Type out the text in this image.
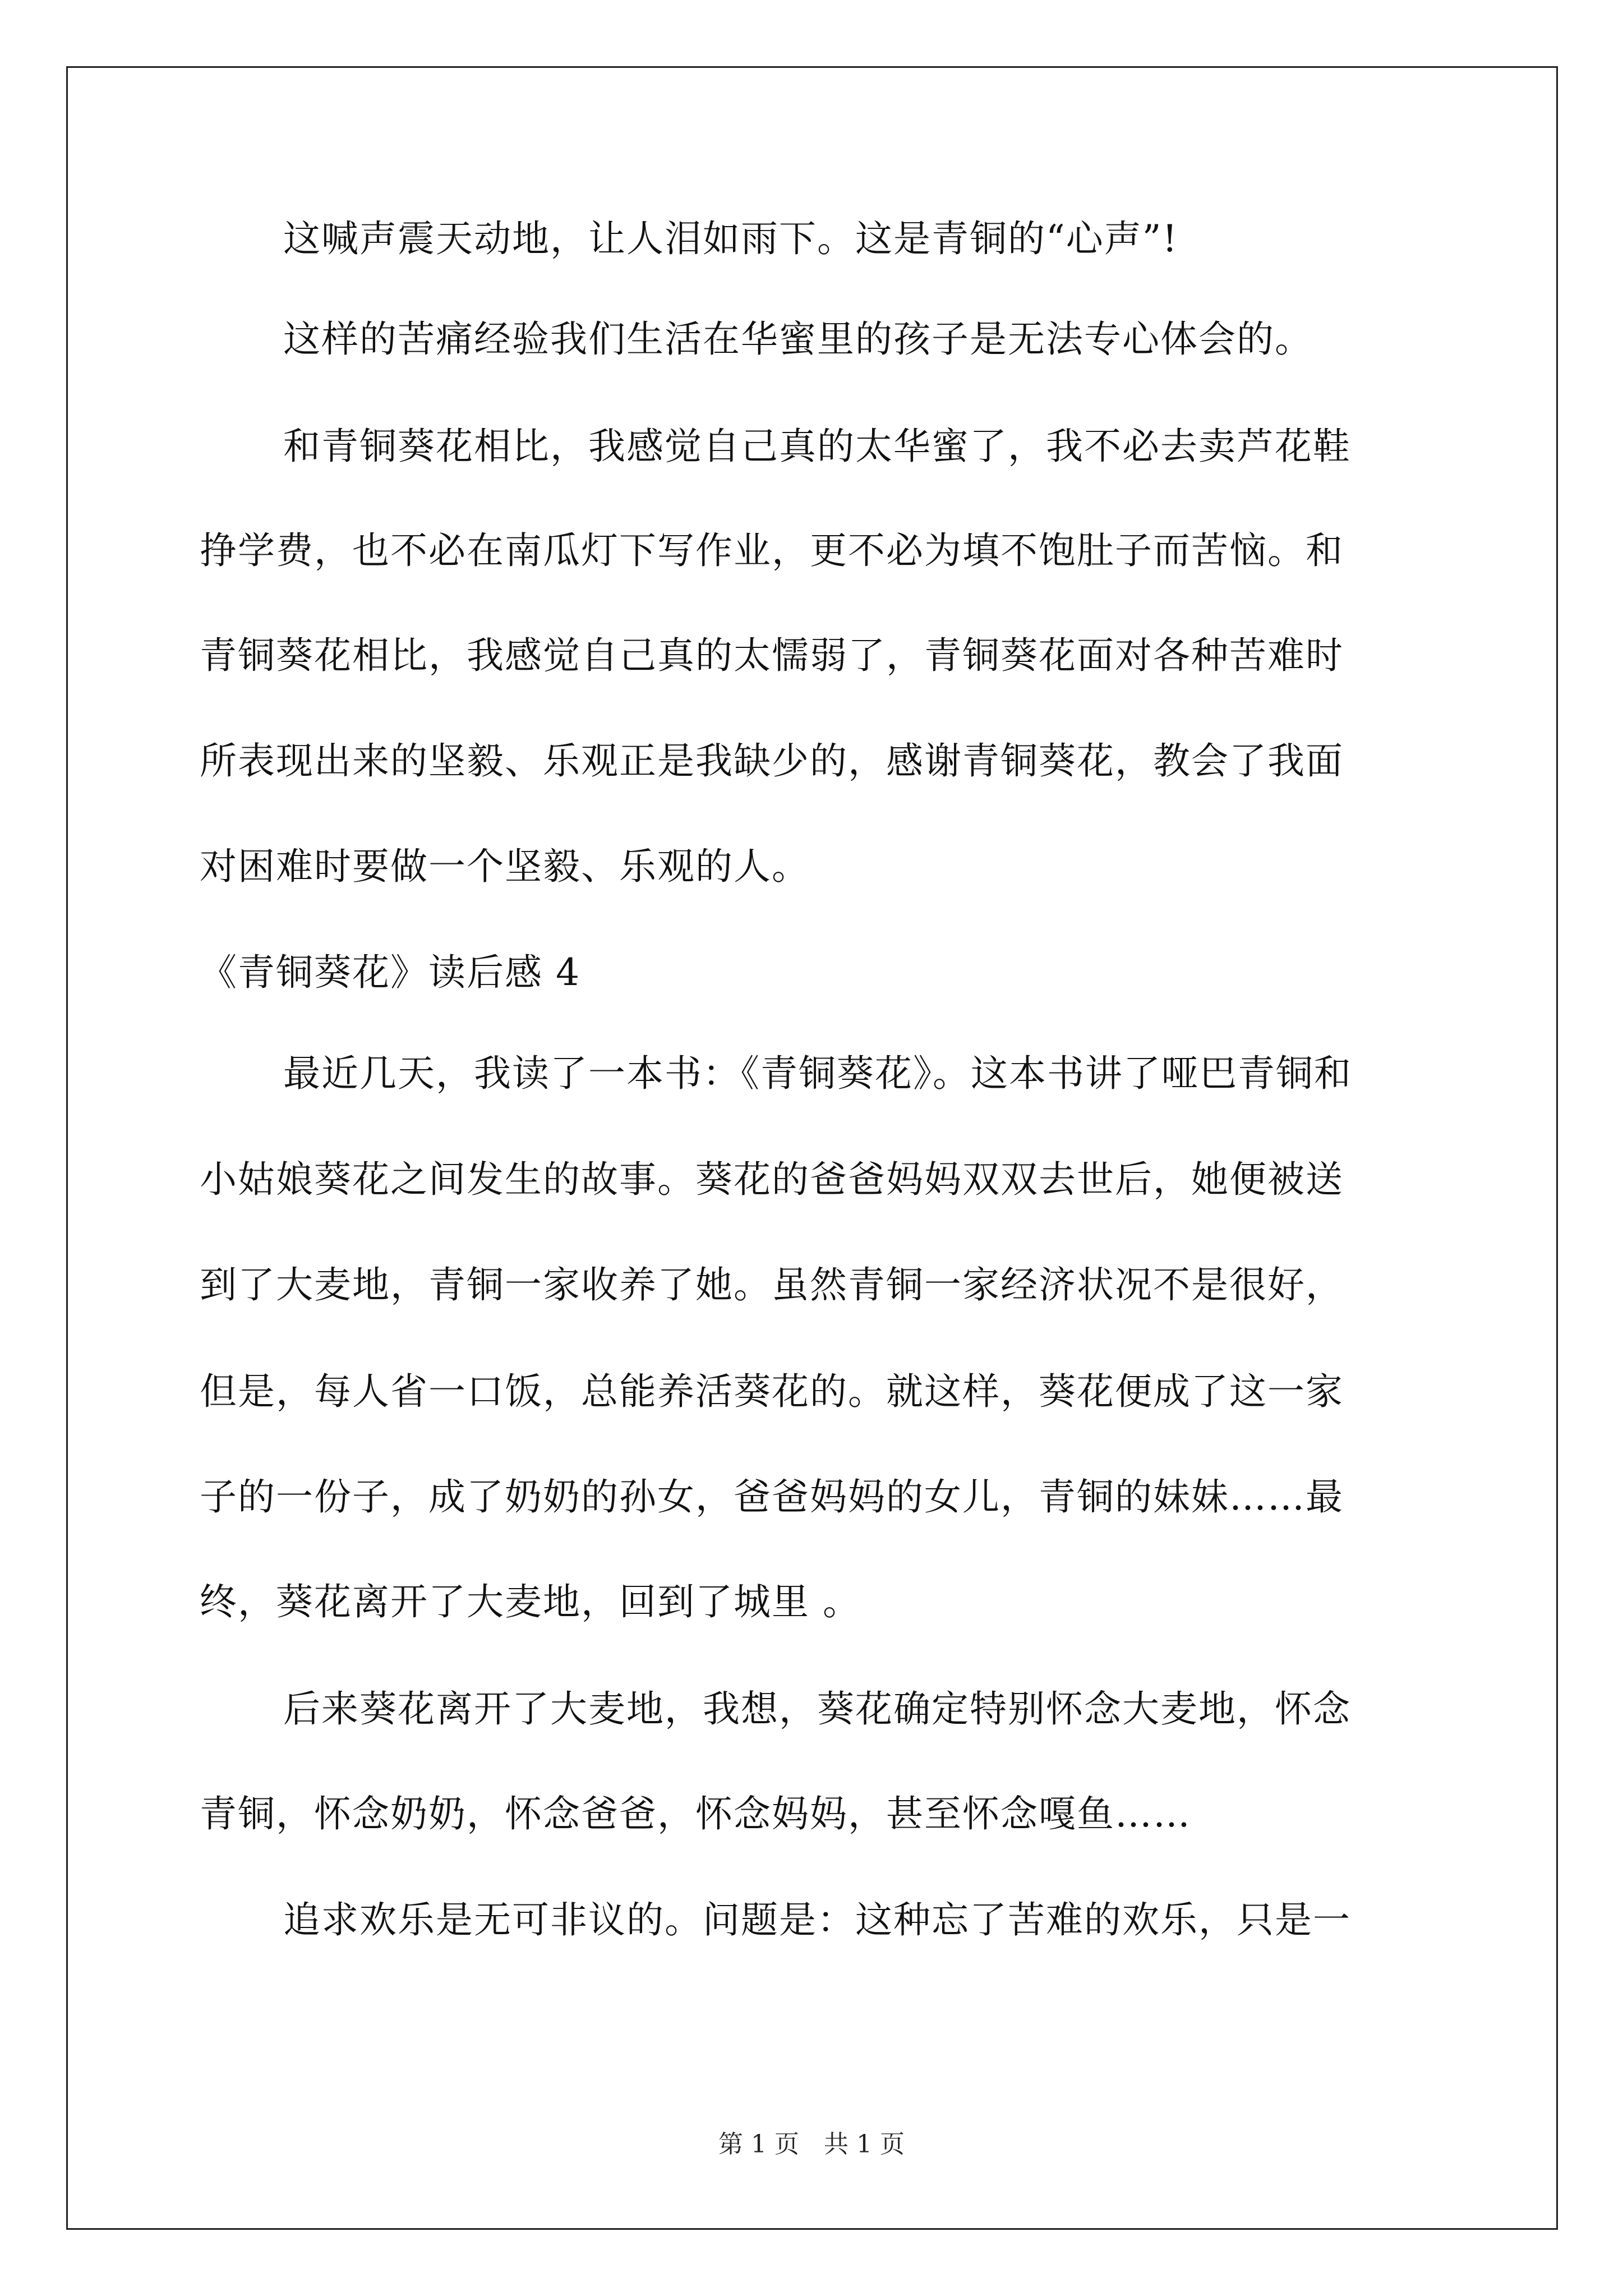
这喊声震天动地，让人泪如雨下。这是青铜的“心声”!
这样的苦痛经验我们生活在华蜜里的孩子是无法专心体会的。
和青铜葵花相比，我感觉自己真的太华蜜了，我不必去卖芦花鞋
挣学费，也不必在南瓜灯下写作业，更不必为填不饱肚子而苦恼。和
青铜葵花相比，我感觉自己真的太懦弱了，青铜葵花面对各种苦难时
所表现出来的坚毅、乐观正是我缺少的，感谢青铜葵花，教会了我面
对困难时要做一个坚毅、乐观的人。
《青铜葵花》读后感 4
最近几天，我读了一本书：《青铜葵花》。这本书讲了哑巴青铜和
小姑娘葵花之间发生的故事。葵花的爸爸妈妈双双去世后，她便被送
到了大麦地，青铜一家收养了她。虽然青铜一家经济状况不是很好，
但是，每人省一口饭，总能养活葵花的。就这样，葵花便成了这一家
子的一份子，成了奶奶的孙女，爸爸妈妈的女儿，青铜的妹妹……最
终，葵花离开了大麦地，回到了城里 。
后来葵花离开了大麦地，我想，葵花确定特别怀念大麦地，怀念
青铜，怀念奶奶，怀念爸爸，怀念妈妈，甚至怀念嘎鱼……
追求欢乐是无可非议的。问题是：这种忘了苦难的欢乐，只是一
第 1 页　共 1 页
